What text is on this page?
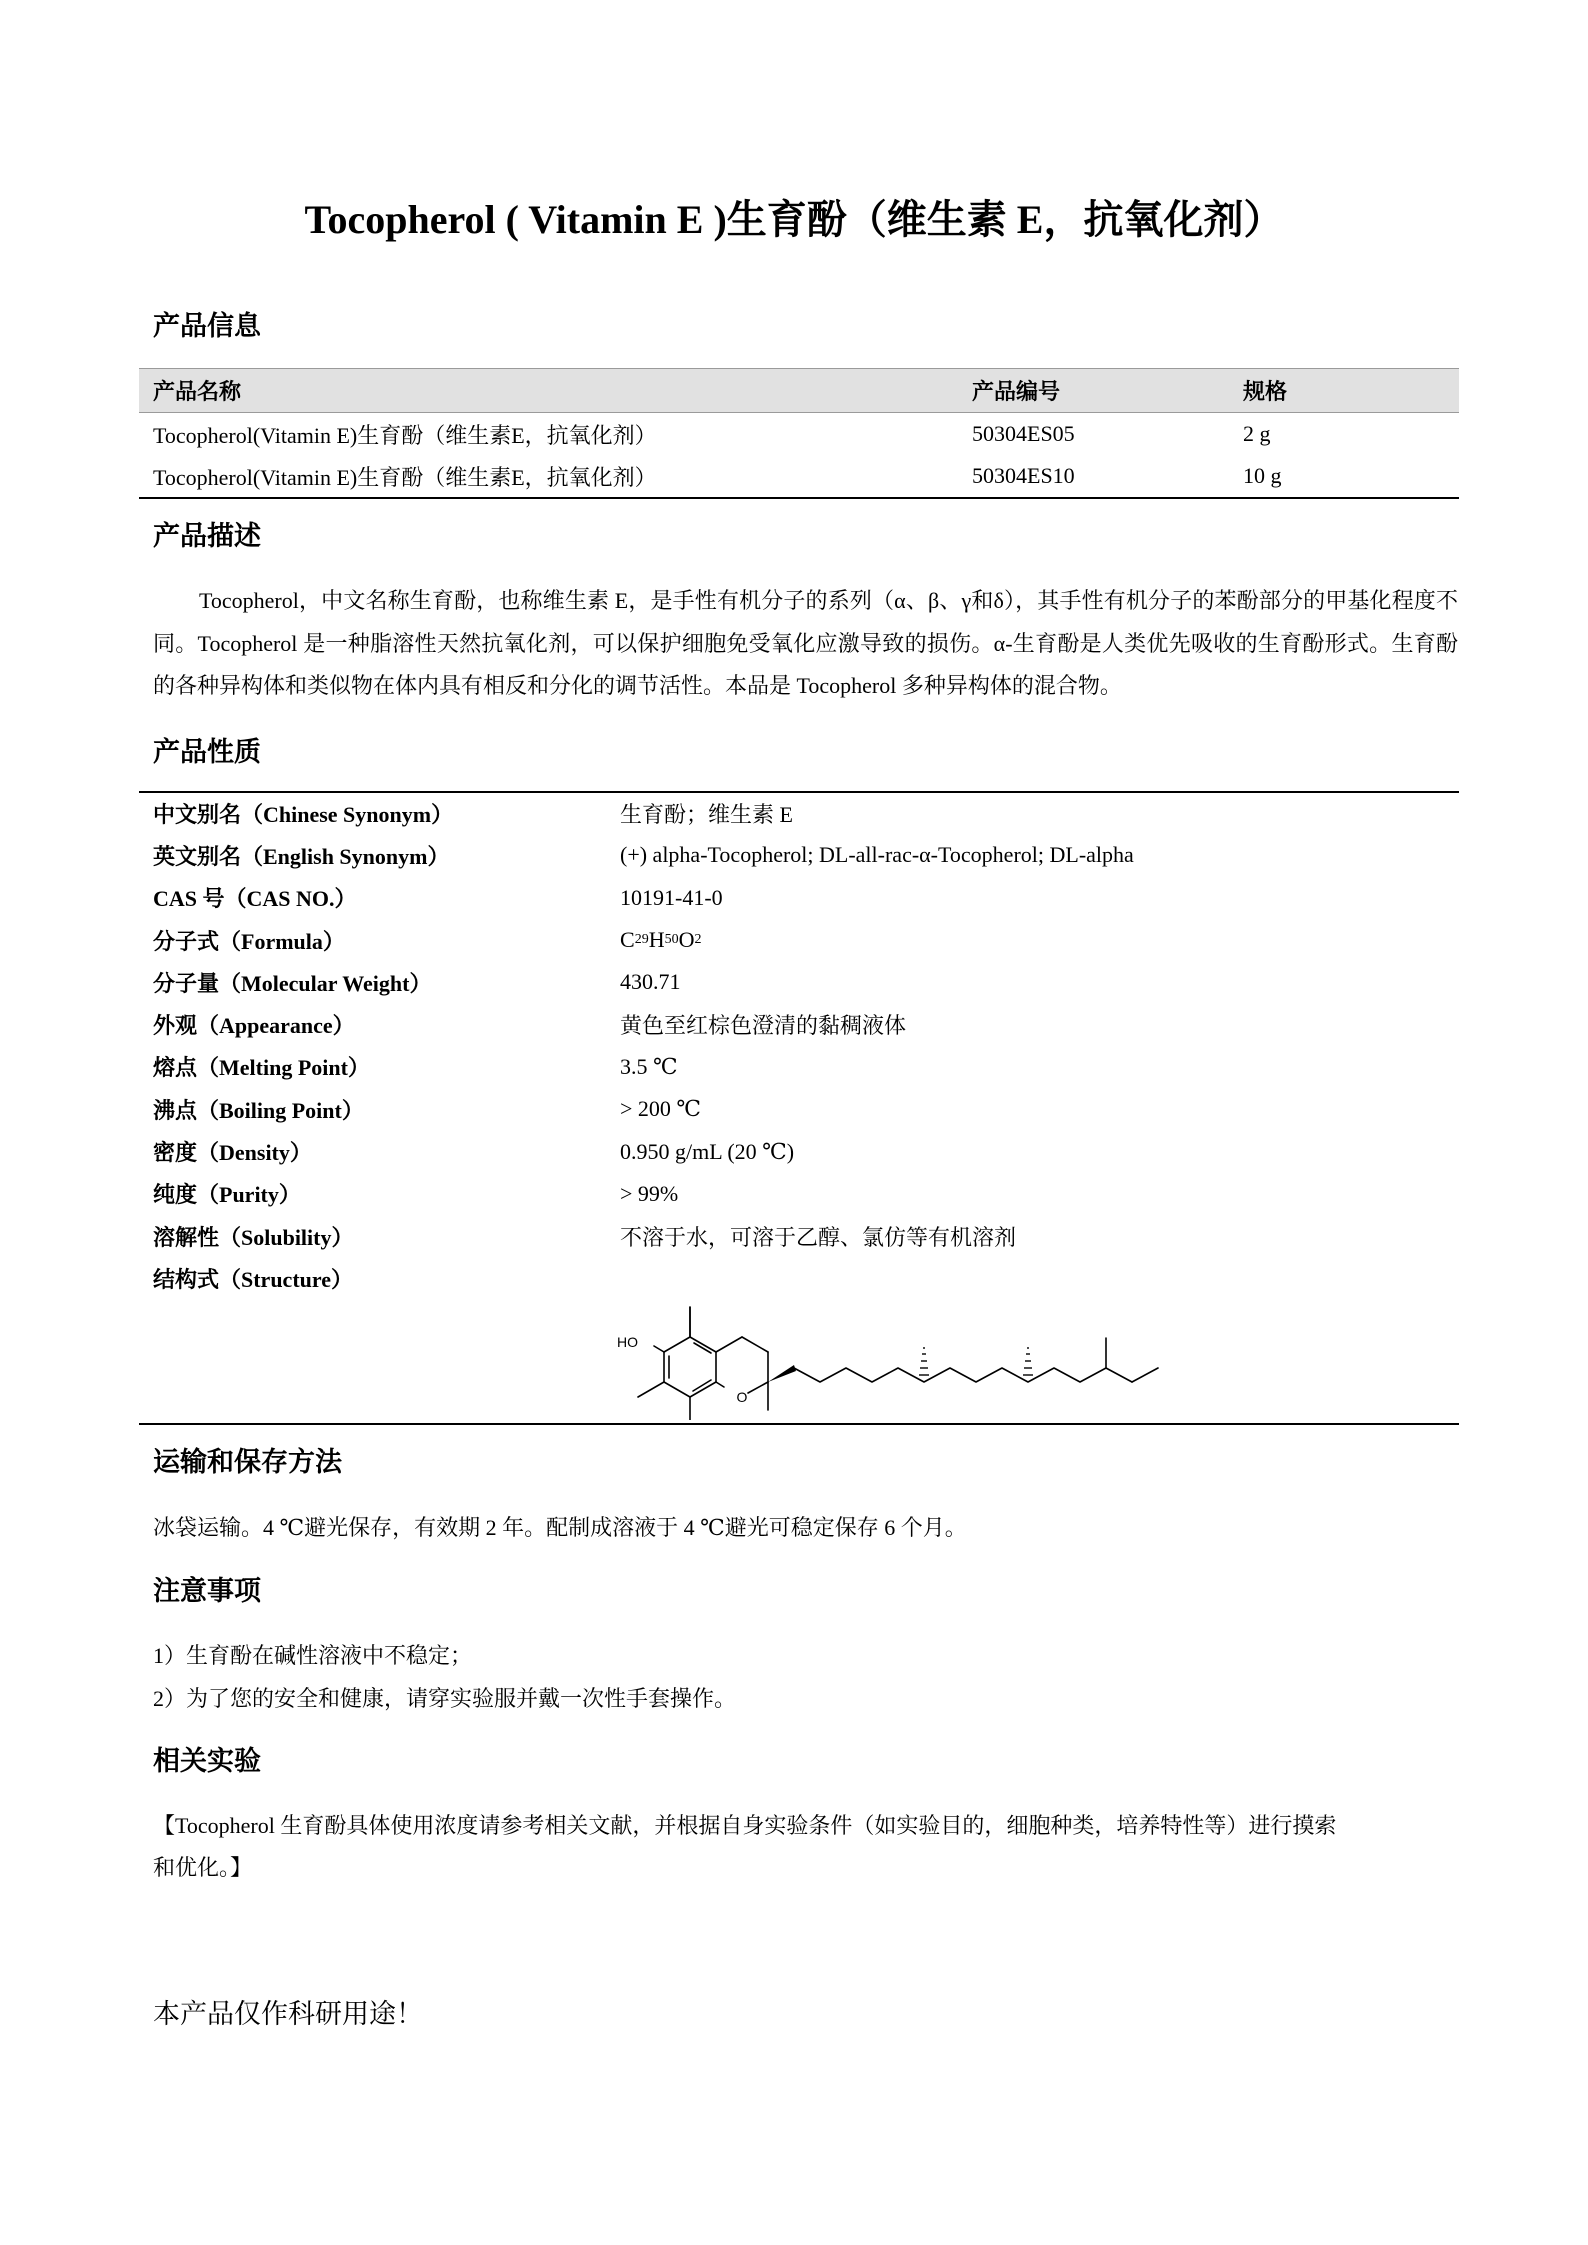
Tocopherol ( Vitamin E )生育酚（维生素 E，抗氧化剂）
产品信息
产品名称	产品编号	规格
Tocopherol(Vitamin E)生育酚（维生素E，抗氧化剂）	50304ES05	2 g
Tocopherol(Vitamin E)生育酚（维生素E，抗氧化剂）	50304ES10	10 g
产品描述
Tocopherol，中文名称生育酚，也称维生素 E，是手性有机分子的系列（α、β、γ和δ），其手性有机分子的苯酚部分的甲基化程度不同。Tocopherol 是一种脂溶性天然抗氧化剂，可以保护细胞免受氧化应激导致的损伤。α-生育酚是人类优先吸收的生育酚形式。生育酚的各种异构体和类似物在体内具有相反和分化的调节活性。本品是 Tocopherol 多种异构体的混合物。
产品性质
中文别名（Chinese Synonym）	生育酚；维生素 E
英文别名（English Synonym）	(+) alpha-Tocopherol; DL-all-rac-α-Tocopherol; DL-alpha
CAS 号（CAS NO.）	10191-41-0
分子式（Formula）	C 29 H 50 O 2
分子量（Molecular Weight）	430.71
外观（Appearance）	黄色至红棕色澄清的黏稠液体
熔点（Melting Point）	3.5 ℃
沸点（Boiling Point）	> 200 ℃
密度（Density）	0.950 g/mL (20 ℃)
纯度（Purity）	> 99%
溶解性（Solubility）	不溶于水，可溶于乙醇、氯仿等有机溶剂
结构式（Structure）
HO
O
运输和保存方法
冰袋运输。4 ℃避光保存，有效期 2 年。配制成溶液于 4 ℃避光可稳定保存 6 个月。
注意事项
1）生育酚在碱性溶液中不稳定；
2）为了您的安全和健康，请穿实验服并戴一次性手套操作。
相关实验
【Tocopherol 生育酚具体使用浓度请参考相关文献，并根据自身实验条件（如实验目的，细胞种类，培养特性等）进行摸索
和优化。】
本产品仅作科研用途！
